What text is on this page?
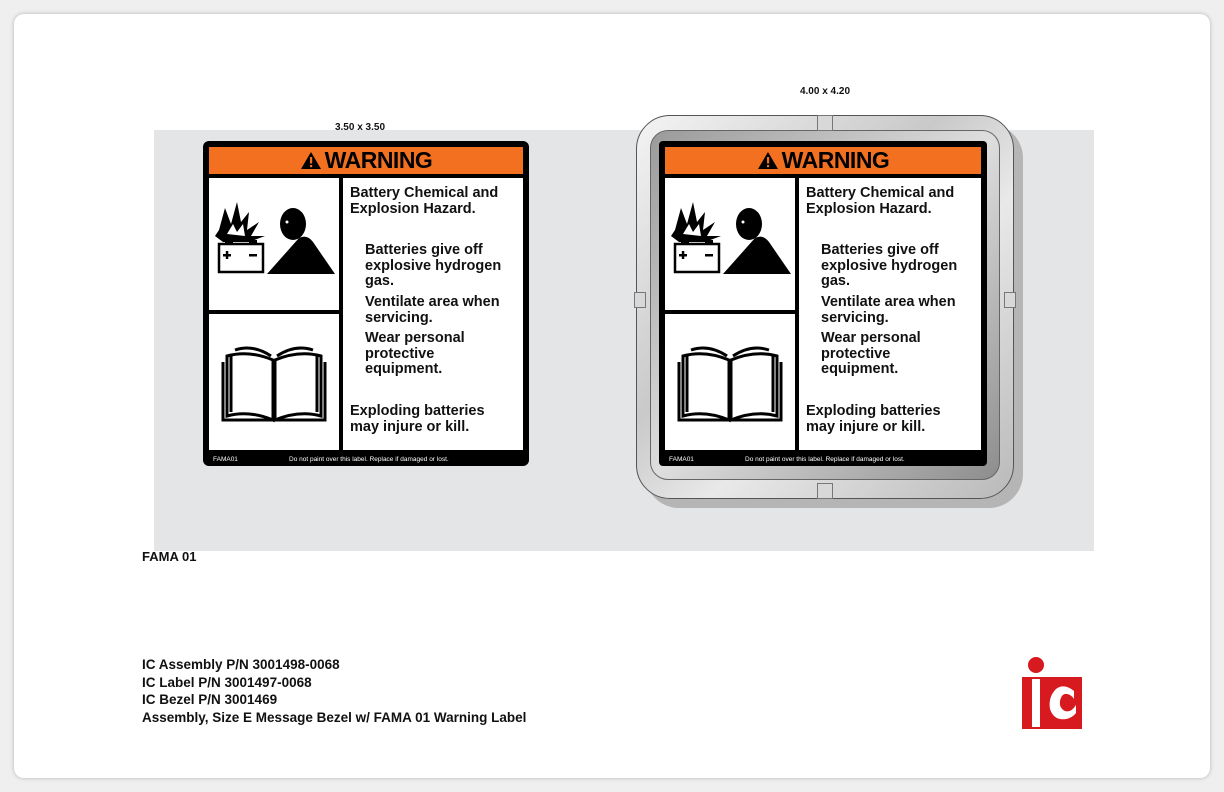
3.50 x 3.50
4.00 x 4.20
WARNING
Battery Chemical and
Explosion Hazard.
Batteries give off
explosive hydrogen
gas.
Ventilate area when
servicing.
Wear personal
protective
equipment.
Exploding batteries
may injure or kill.
FAMA01	Do not paint over this label. Replace if damaged or lost.
WARNING
Battery Chemical and
Explosion Hazard.
Batteries give off
explosive hydrogen
gas.
Ventilate area when
servicing.
Wear personal
protective
equipment.
Exploding batteries
may injure or kill.
FAMA01	Do not paint over this label. Replace if damaged or lost.
FAMA 01
IC Assembly P/N 3001498-0068
IC Label P/N 3001497-0068
IC Bezel P/N 3001469
Assembly, Size E Message Bezel w/ FAMA 01 Warning Label
